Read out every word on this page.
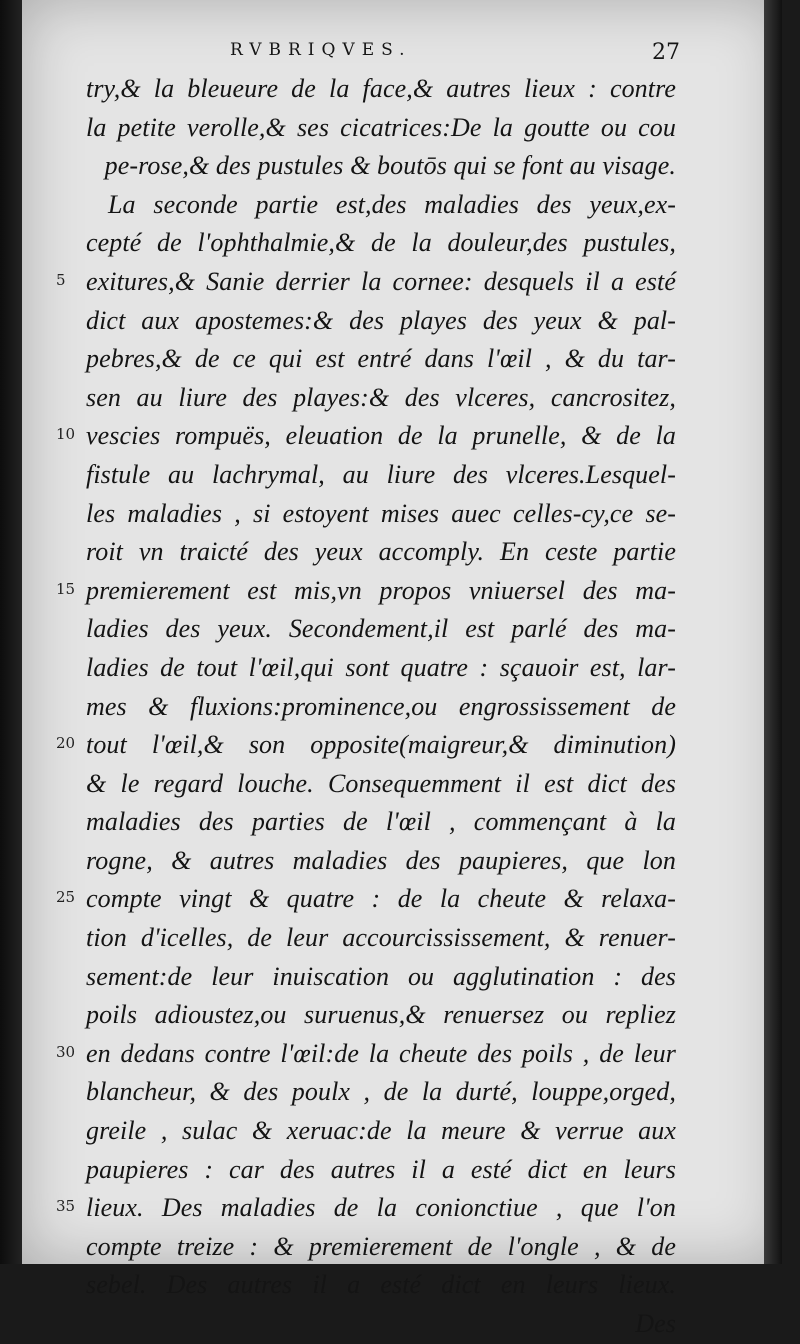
RVBRIQVES.	27
try,& la bleueure de la face,& autres lieux : contre
la petite verolle,& ses cicatrices:De la goutte ou cou
pe-rose,& des pustules & boutōs qui se font au visage.
La seconde partie est,des maladies des yeux,ex-
cepté de l'ophthalmie,& de la douleur,des pustules,
exitures,& Sanie derrier la cornee: desquels il a esté
dict aux apostemes:& des playes des yeux & pal-
pebres,& de ce qui est entré dans l'œil , & du tar-
sen au liure des playes:& des vlceres, cancrositez,
vescies rompuës, eleuation de la prunelle, & de la
fistule au lachrymal, au liure des vlceres.Lesquel-
les maladies , si estoyent mises auec celles-cy,ce se-
roit vn traicté des yeux accomply. En ceste partie
premierement est mis,vn propos vniuersel des ma-
ladies des yeux. Secondement,il est parlé des ma-
ladies de tout l'œil,qui sont quatre : sçauoir est, lar-
mes & fluxions:prominence,ou engrossissement de
tout l'œil,& son opposite(maigreur,& diminution)
& le regard louche. Consequemment il est dict des
maladies des parties de l'œil , commençant à la
rogne, & autres maladies des paupieres, que lon
compte vingt & quatre : de la cheute & relaxa-
tion d'icelles, de leur accourcississement, & renuer-
sement:de leur inuiscation ou agglutination : des
poils adioustez,ou suruenus,& renuersez ou repliez
en dedans contre l'œil:de la cheute des poils , de leur
blancheur, & des poulx , de la durté, louppe,orged,
greile , sulac & xeruac:de la meure & verrue aux
paupieres : car des autres il a esté dict en leurs
lieux. Des maladies de la conionctiue , que l'on
compte treize : & premierement de l'ongle , & de
sebel. Des autres il a esté dict en leurs lieux.
Des
5
10
15
20
25
30
35
